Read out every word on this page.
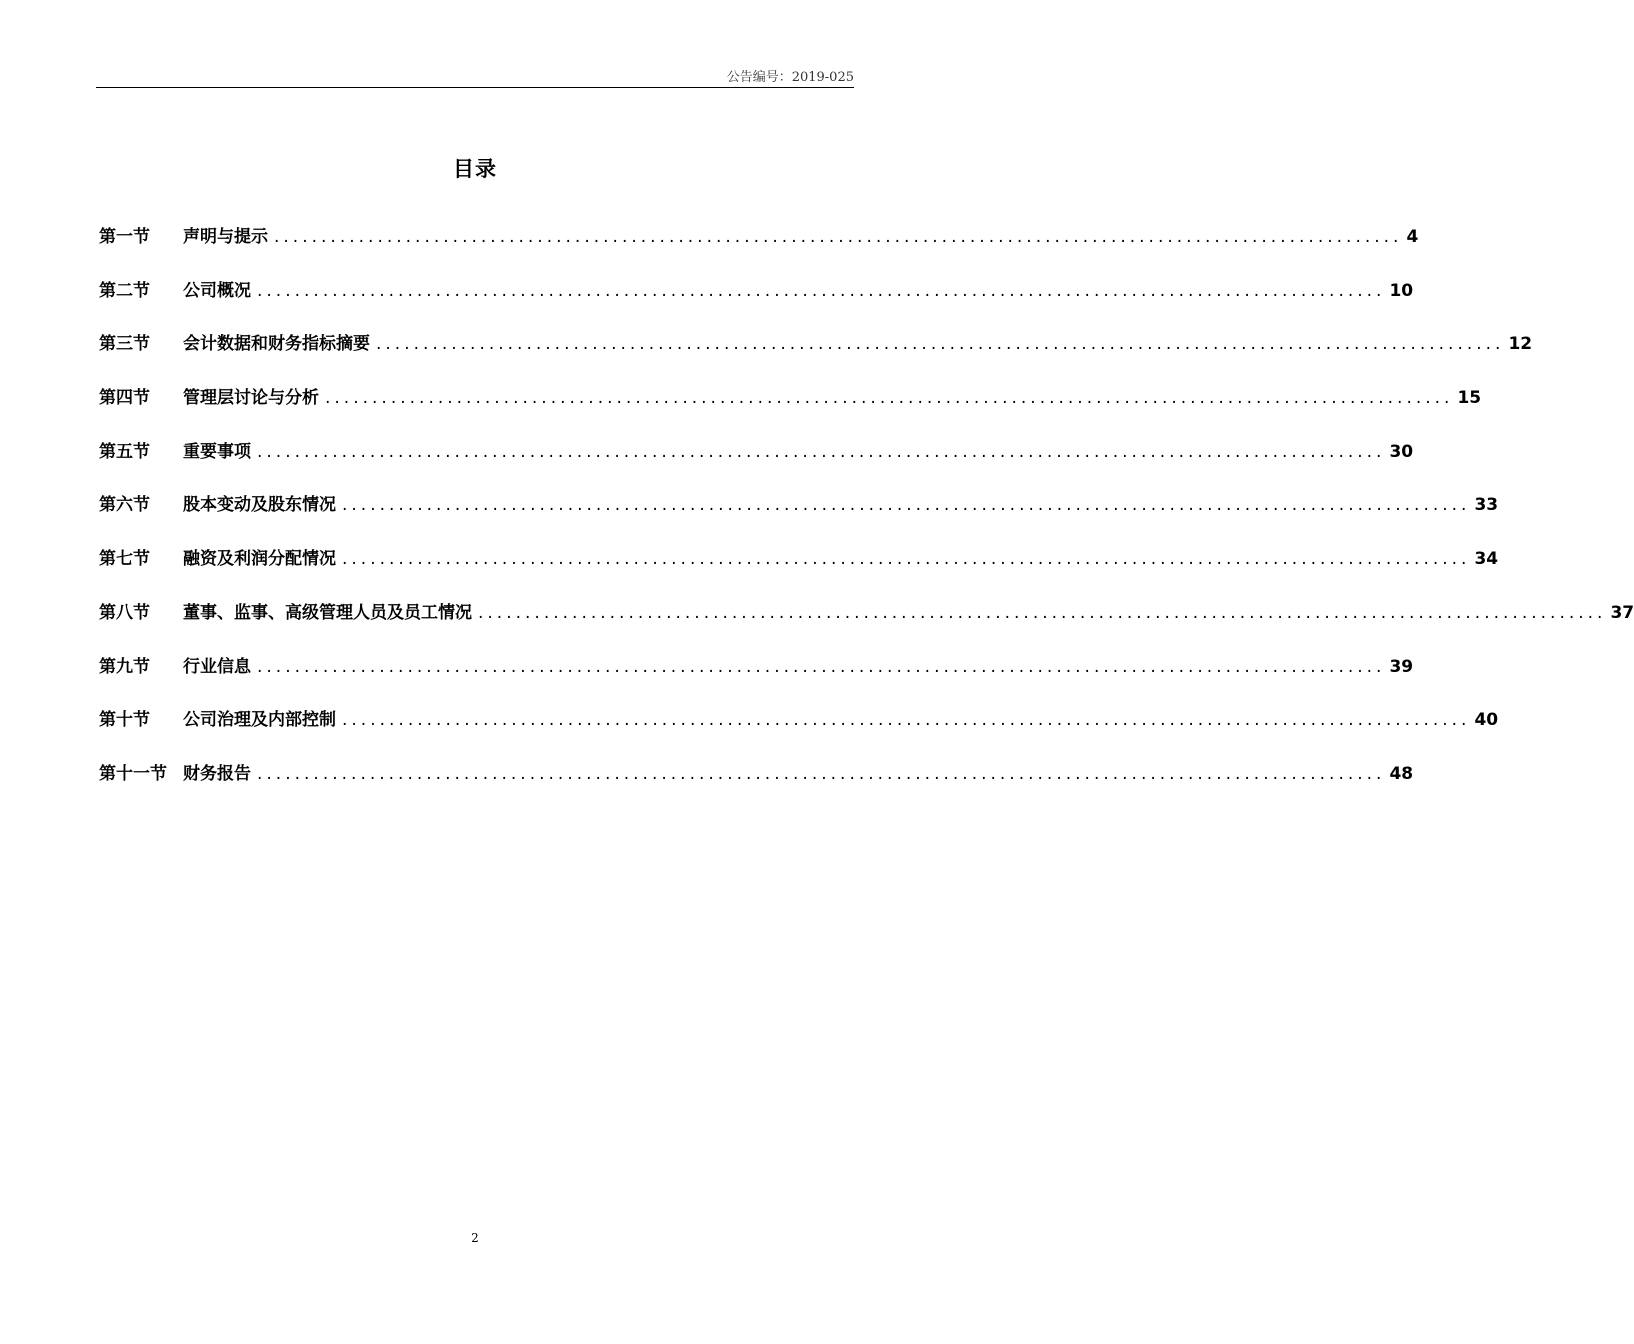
公告编号：2019-025
目录
第一节	声明与提示 ........................................................................................................................ 4
第二节	公司概况 ........................................................................................................................ 10
第三节	会计数据和财务指标摘要 ........................................................................................................................ 12
第四节	管理层讨论与分析 ........................................................................................................................ 15
第五节	重要事项 ........................................................................................................................ 30
第六节	股本变动及股东情况 ........................................................................................................................ 33
第七节	融资及利润分配情况 ........................................................................................................................ 34
第八节	董事、监事、高级管理人员及员工情况 ........................................................................................................................ 37
第九节	行业信息 ........................................................................................................................ 39
第十节	公司治理及内部控制 ........................................................................................................................ 40
第十一节 财务报告 ........................................................................................................................ 48
2
